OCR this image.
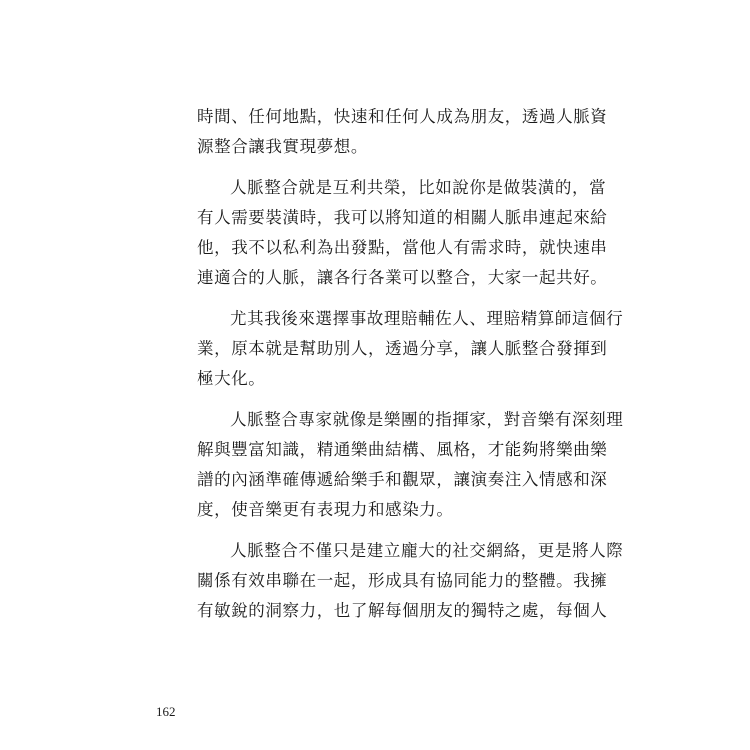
時間、任何地點，快速和任何人成為朋友，透過人脈資
源整合讓我實現夢想。
人脈整合就是互利共榮，比如說你是做裝潢的，當
有人需要裝潢時，我可以將知道的相關人脈串連起來給
他，我不以私利為出發點，當他人有需求時，就快速串
連適合的人脈，讓各行各業可以整合，大家一起共好。
尤其我後來選擇事故理賠輔佐人、理賠精算師這個行
業，原本就是幫助別人，透過分享，讓人脈整合發揮到
極大化。
人脈整合專家就像是樂團的指揮家，對音樂有深刻理
解與豐富知識，精通樂曲結構、風格，才能夠將樂曲樂
譜的內涵準確傳遞給樂手和觀眾，讓演奏注入情感和深
度，使音樂更有表現力和感染力。
人脈整合不僅只是建立龐大的社交網絡，更是將人際
關係有效串聯在一起，形成具有協同能力的整體。我擁
有敏銳的洞察力，也了解每個朋友的獨特之處，每個人
162
